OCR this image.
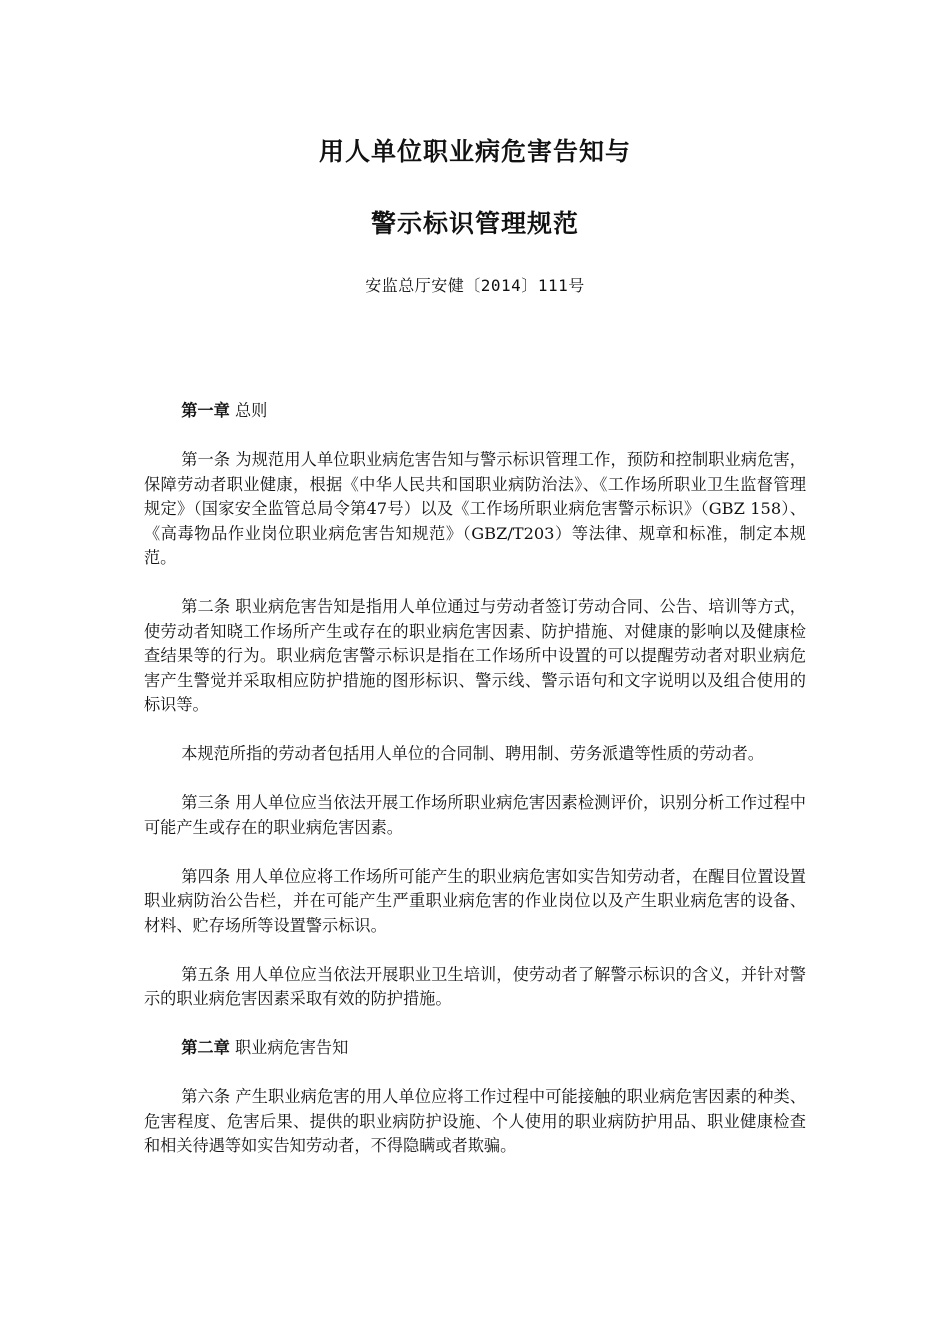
用人单位职业病危害告知与
警示标识管理规范
安监总厅安健〔2014〕111号

第一章 总则

第一条 为规范用人单位职业病危害告知与警示标识管理工作，预防和控制职业病危害，保障劳动者职业健康，根据《中华人民共和国职业病防治法》、《工作场所职业卫生监督管理规定》（国家安全监管总局令第47号）以及《工作场所职业病危害警示标识》（GBZ 158）、《高毒物品作业岗位职业病危害告知规范》（GBZ/T203）等法律、规章和标准，制定本规范。

第二条 职业病危害告知是指用人单位通过与劳动者签订劳动合同、公告、培训等方式，使劳动者知晓工作场所产生或存在的职业病危害因素、防护措施、对健康的影响以及健康检查结果等的行为。职业病危害警示标识是指在工作场所中设置的可以提醒劳动者对职业病危害产生警觉并采取相应防护措施的图形标识、警示线、警示语句和文字说明以及组合使用的标识等。

本规范所指的劳动者包括用人单位的合同制、聘用制、劳务派遣等性质的劳动者。

第三条 用人单位应当依法开展工作场所职业病危害因素检测评价，识别分析工作过程中可能产生或存在的职业病危害因素。

第四条 用人单位应将工作场所可能产生的职业病危害如实告知劳动者，在醒目位置设置职业病防治公告栏，并在可能产生严重职业病危害的作业岗位以及产生职业病危害的设备、材料、贮存场所等设置警示标识。

第五条 用人单位应当依法开展职业卫生培训，使劳动者了解警示标识的含义，并针对警示的职业病危害因素采取有效的防护措施。

第二章 职业病危害告知

第六条 产生职业病危害的用人单位应将工作过程中可能接触的职业病危害因素的种类、危害程度、危害后果、提供的职业病防护设施、个人使用的职业病防护用品、职业健康检查和相关待遇等如实告知劳动者，不得隐瞒或者欺骗。
